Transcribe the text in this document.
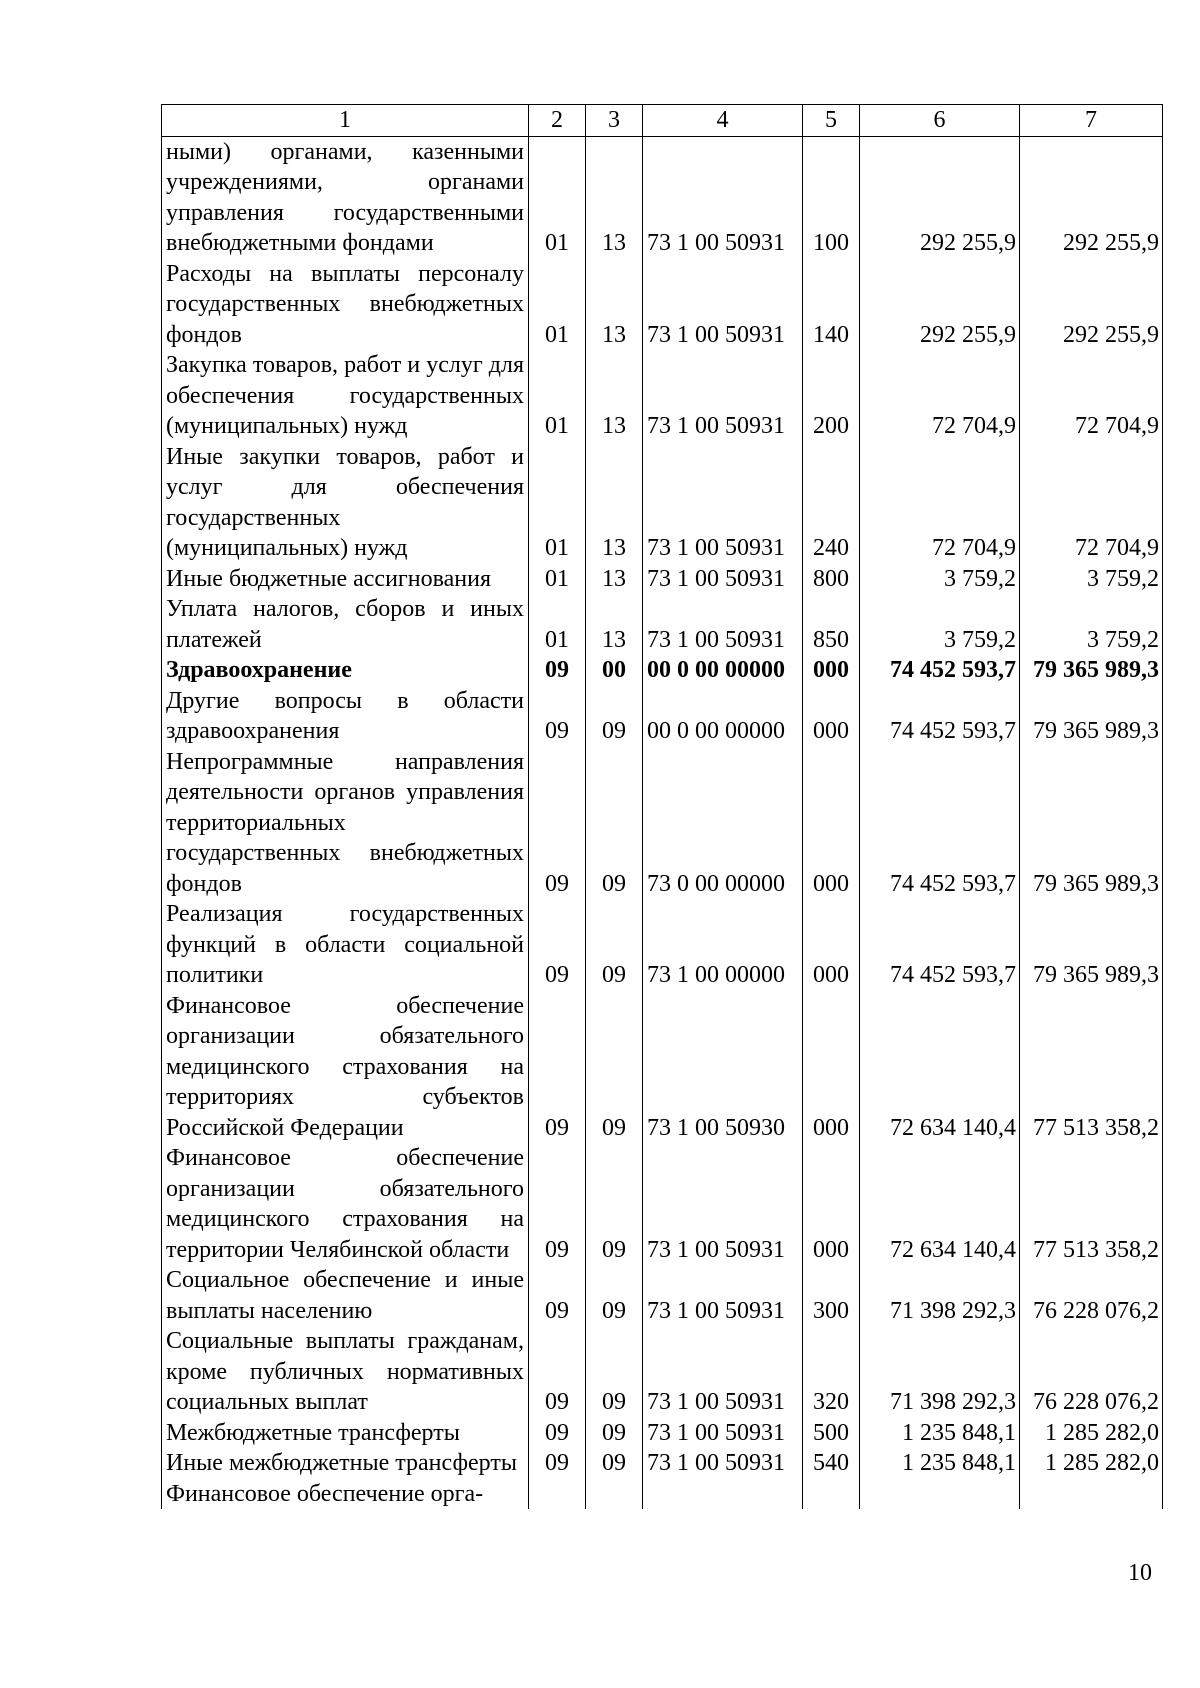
1	2	3	4	5	6	7
ными) органами, казенными учреждениями, органами управления государственными внебюджетными фондами	01	13	73 1 00 50931	100	292 255,9	292 255,9
Расходы на выплаты персоналу государственных внебюджетных фондов	01	13	73 1 00 50931	140	292 255,9	292 255,9
Закупка товаров, работ и услуг для обеспечения государственных (муниципальных) нужд	01	13	73 1 00 50931	200	72 704,9	72 704,9
Иные закупки товаров, работ и услуг для обеспечения государственных (муниципальных) нужд	01	13	73 1 00 50931	240	72 704,9	72 704,9
Иные бюджетные ассигнования	01	13	73 1 00 50931	800	3 759,2	3 759,2
Уплата налогов, сборов и иных платежей	01	13	73 1 00 50931	850	3 759,2	3 759,2
Здравоохранение	09	00	00 0 00 00000	000	74 452 593,7	79 365 989,3
Другие вопросы в области здравоохранения	09	09	00 0 00 00000	000	74 452 593,7	79 365 989,3
Непрограммные направления деятельности органов управления территориальных государственных внебюджетных фондов	09	09	73 0 00 00000	000	74 452 593,7	79 365 989,3
Реализация государственных функций в области социальной политики	09	09	73 1 00 00000	000	74 452 593,7	79 365 989,3
Финансовое обеспечение организации обязательного медицинского страхования на территориях субъектов Российской Федерации	09	09	73 1 00 50930	000	72 634 140,4	77 513 358,2
Финансовое обеспечение организации обязательного медицинского страхования на территории Челябинской области	09	09	73 1 00 50931	000	72 634 140,4	77 513 358,2
Социальное обеспечение и иные выплаты населению	09	09	73 1 00 50931	300	71 398 292,3	76 228 076,2
Социальные выплаты гражданам, кроме публичных нормативных социальных выплат	09	09	73 1 00 50931	320	71 398 292,3	76 228 076,2
Межбюджетные трансферты	09	09	73 1 00 50931	500	1 235 848,1	1 285 282,0
Иные межбюджетные трансферты	09	09	73 1 00 50931	540	1 235 848,1	1 285 282,0
Финансовое обеспечение орга-						
10
